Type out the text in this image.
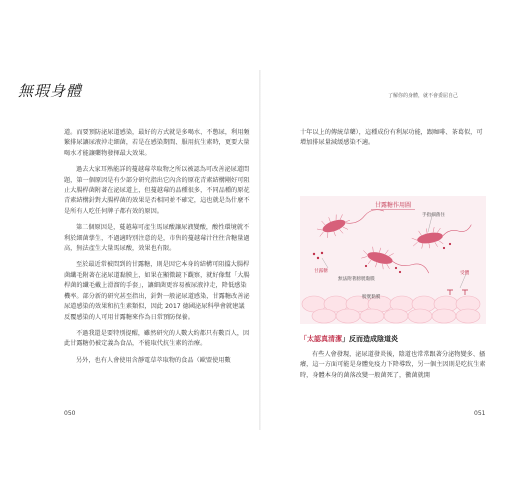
無瑕身體	了解你的身體，就不會委屈自己

道。而要預防泌尿道感染，最好的方式就是多喝水、不憋尿，利用頻繁排尿讓尿液沖走細菌，若是在感染期間、服用抗生素時，更要大量喝水才能讓藥物發揮最大效果。

過去大家耳熟能詳的蔓越莓萃取物之所以被認為可改善泌尿道問題，第一個原因是有少部分研究指出它內含的原花青素結構剛好可阻止大腸桿菌附著在泌尿道上，但蔓越莓的品種很多，不同品種的原花青素結構針對大腸桿菌的效果是否相同並不確定，這也就是為什麼不是所有人吃任何牌子都有效的原因。

第二個原因是，蔓越莓可產生馬尿酸讓尿液變酸，酸性環境就不利於細菌孳生，不過適時別注意的是，市售的蔓越莓汁往往含糖量過高，無法產生大量馬尿酸，效果也有限。

至於最近常被問到的甘露糖，則是因它本身的結構可阻擋大腸桿菌纖毛附著在泌尿道黏膜上，如果在顯微鏡下觀察，就好像幫「大腸桿菌的纖毛戴上滑溜的手套」，讓細菌更容易被尿液沖走，降低感染機率。部分新的研究甚至指出，針對一般泌尿道感染，甘露糖改善泌尿道感染的效果和抗生素類似，因此 2017 德國泌尿科學會就建議反覆感染的人可用甘露糖來作為日常預防保養。

不過我還是要特別提醒，雖然研究的人數大約都只有數百人，因此甘露糖仍被定義為食品，不能取代抗生素的治療。

另外，也有人會使用含靜電草萃取物的食品（歐盟使用數

050

十年以上的傳統草藥），這種成份有利尿功能，跟咖啡、茶葛似，可增加排尿量減緩感染不適。

甘露糖作用圖
手指細菌住
甘露糖
無法附著膀胱黏膜
受體
膀胱黏膜
「太認真清潔」反而造成陰道炎

有些人會發現，泌尿道發炎後，陰道也常常跟著分泌物變多、搔癢，這一方面可能是身體免疫力下降導致，另一個主因則是吃抗生素時，身體本身的菌落改變一般菌死了，黴菌就開

051
